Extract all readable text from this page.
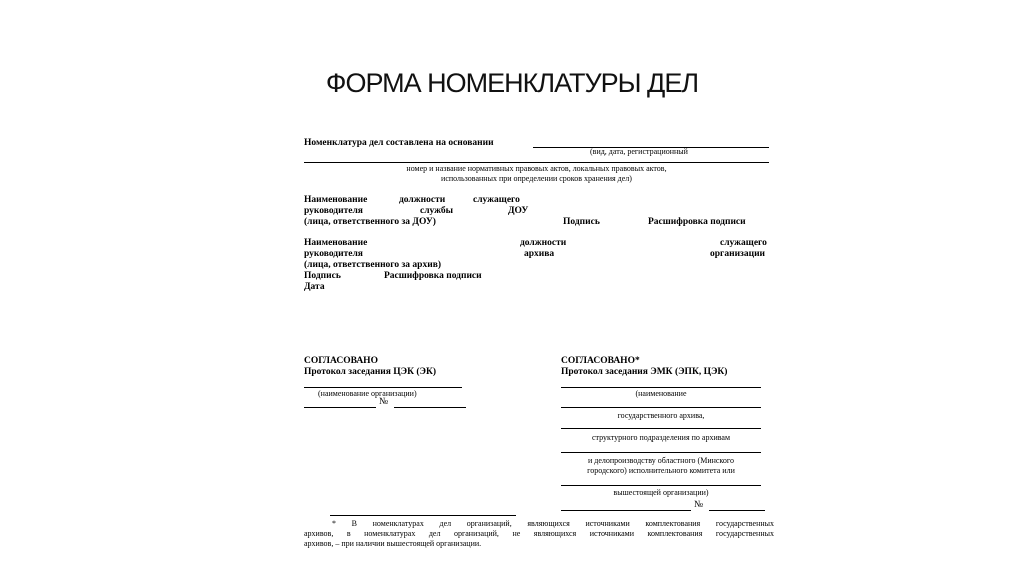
ФОРМА НОМЕНКЛАТУРЫ ДЕЛ
Номенклатура дел составлена на основании
(вид, дата, регистрационный
номер и название нормативных правовых актов, локальных правовых актов,
использованных при определении сроков хранения дел)
Наименование	должности	служащего
руководителя	службы	ДОУ
(лица, ответственного за ДОУ)	Подпись	Расшифровка подписи
Наименование	должности	служащего
руководителя	архива	организации
(лица, ответственного за архив)
Подпись	Расшифровка подписи
Дата
СОГЛАСОВАНО
Протокол заседания ЦЭК (ЭК)
(наименование организации)
№
СОГЛАСОВАНО*
Протокол заседания ЭМК (ЭПК, ЦЭК)
(наименование
государственного архива,
структурного подразделения по архивам
и делопроизводству областного (Минского
городского) исполнительного комитета или
вышестоящей организации)
№
* В номенклатурах дел организаций, являющихся источниками комплектования государственных
архивов, в номенклатурах дел организаций, не являющихся источниками комплектования государственных
архивов, – при наличии вышестоящей организации.
